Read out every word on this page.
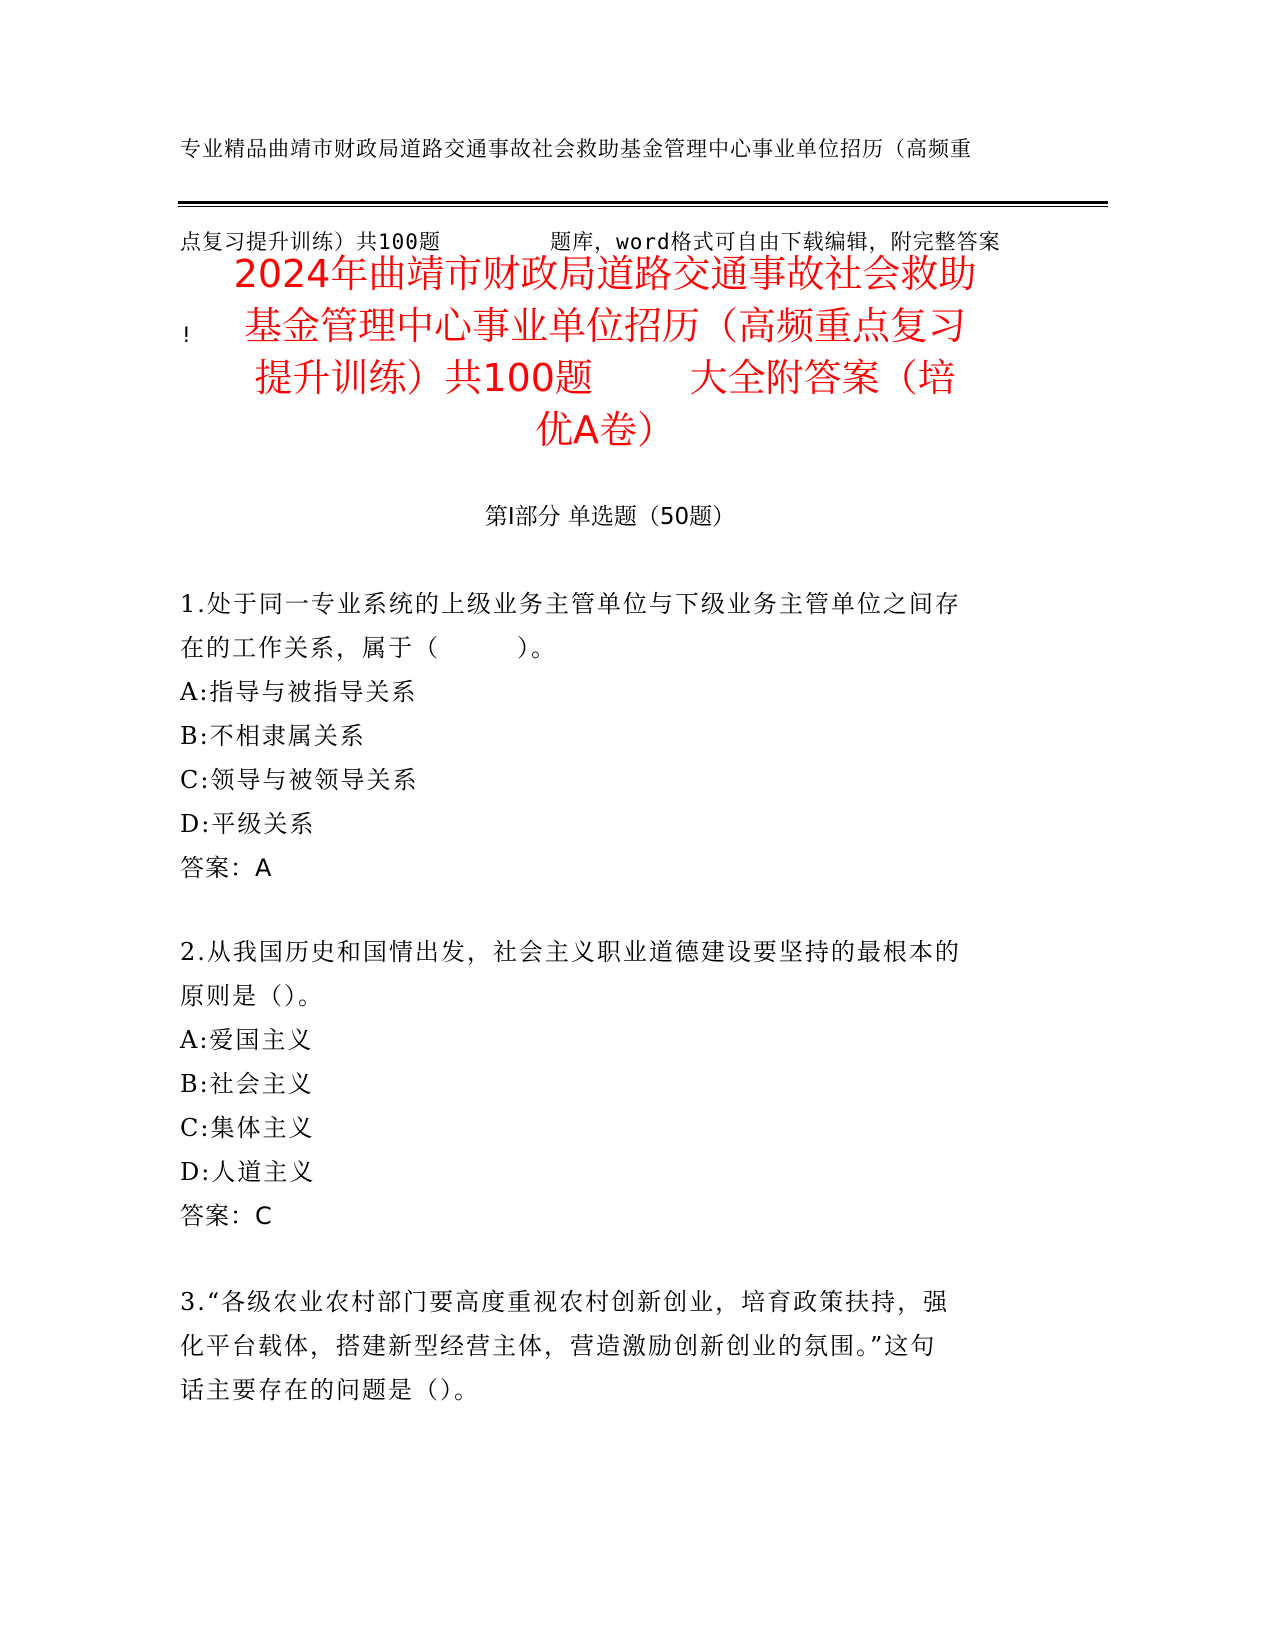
专业精品曲靖市财政局道路交通事故社会救助基金管理中心事业单位招历（高频重

点复习提升训练）共100题        题库，word格式可自由下载编辑，附完整答案

!

2024年曲靖市财政局道路交通事故社会救助

基金管理中心事业单位招历（高频重点复习

提升训练）共100题        大全附答案（培

优A卷）

第Ⅰ部分 单选题（50题）

1.处于同一专业系统的上级业务主管单位与下级业务主管单位之间存

在的工作关系，属于（        ）。

A:指导与被指导关系

B:不相隶属关系

C:领导与被领导关系

D:平级关系

答案：A

2.从我国历史和国情出发，社会主义职业道德建设要坚持的最根本的

原则是（）。

A:爱国主义

B:社会主义

C:集体主义

D:人道主义

答案：C

3.“各级农业农村部门要高度重视农村创新创业，培育政策扶持，强

化平台载体，搭建新型经营主体，营造激励创新创业的氛围。”这句

话主要存在的问题是（）。
